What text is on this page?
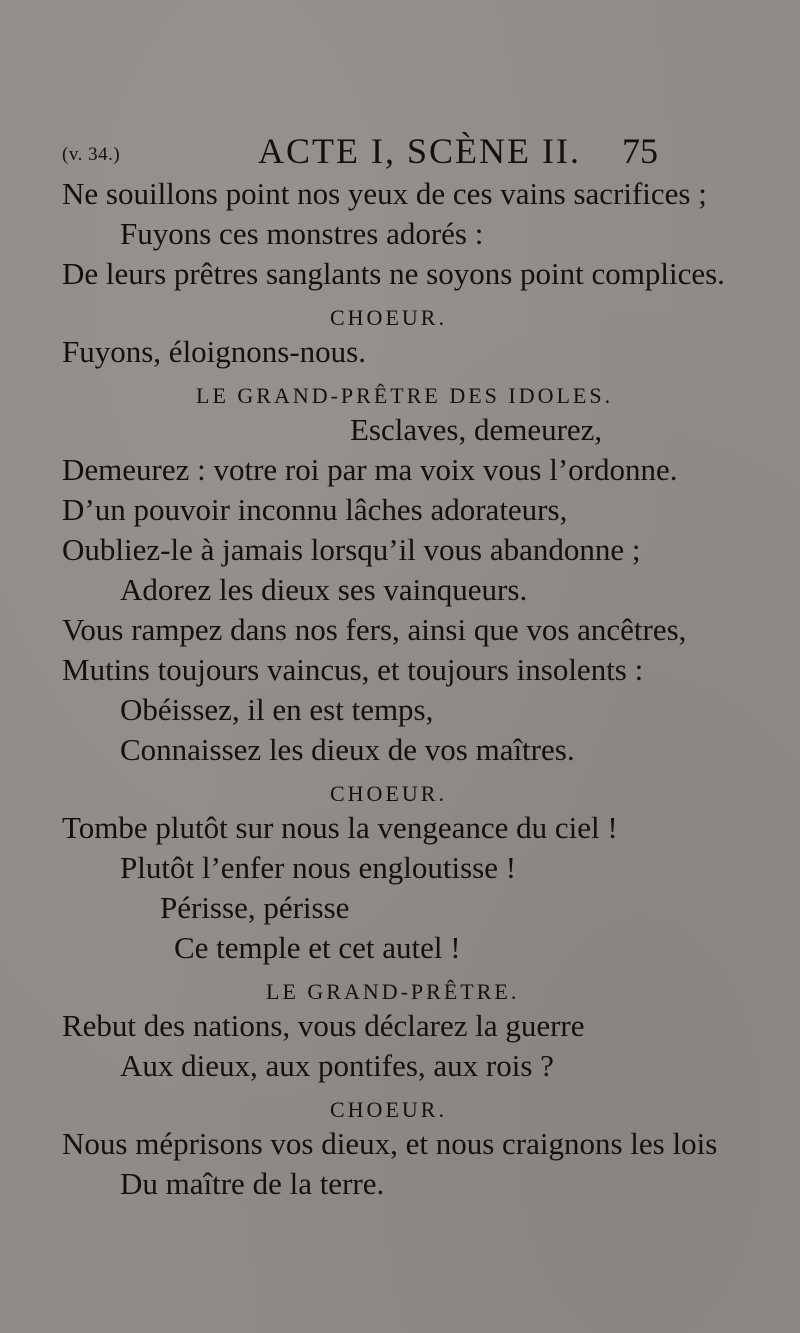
(v. 34.)	ACTE I, SCÈNE II. 75
Ne souillons point nos yeux de ces vains sacrifices ;
Fuyons ces monstres adorés :
De leurs prêtres sanglants ne soyons point complices.
CHOEUR.
Fuyons, éloignons-nous.
LE GRAND-PRÊTRE DES IDOLES.
Esclaves, demeurez,
Demeurez : votre roi par ma voix vous l’ordonne.
D’un pouvoir inconnu lâches adorateurs,
Oubliez-le à jamais lorsqu’il vous abandonne ;
Adorez les dieux ses vainqueurs.
Vous rampez dans nos fers, ainsi que vos ancêtres,
Mutins toujours vaincus, et toujours insolents :
Obéissez, il en est temps,
Connaissez les dieux de vos maîtres.
CHOEUR.
Tombe plutôt sur nous la vengeance du ciel !
Plutôt l’enfer nous engloutisse !
Périsse, périsse
Ce temple et cet autel !
LE GRAND-PRÊTRE.
Rebut des nations, vous déclarez la guerre
Aux dieux, aux pontifes, aux rois ?
CHOEUR.
Nous méprisons vos dieux, et nous craignons les lois
Du maître de la terre.
